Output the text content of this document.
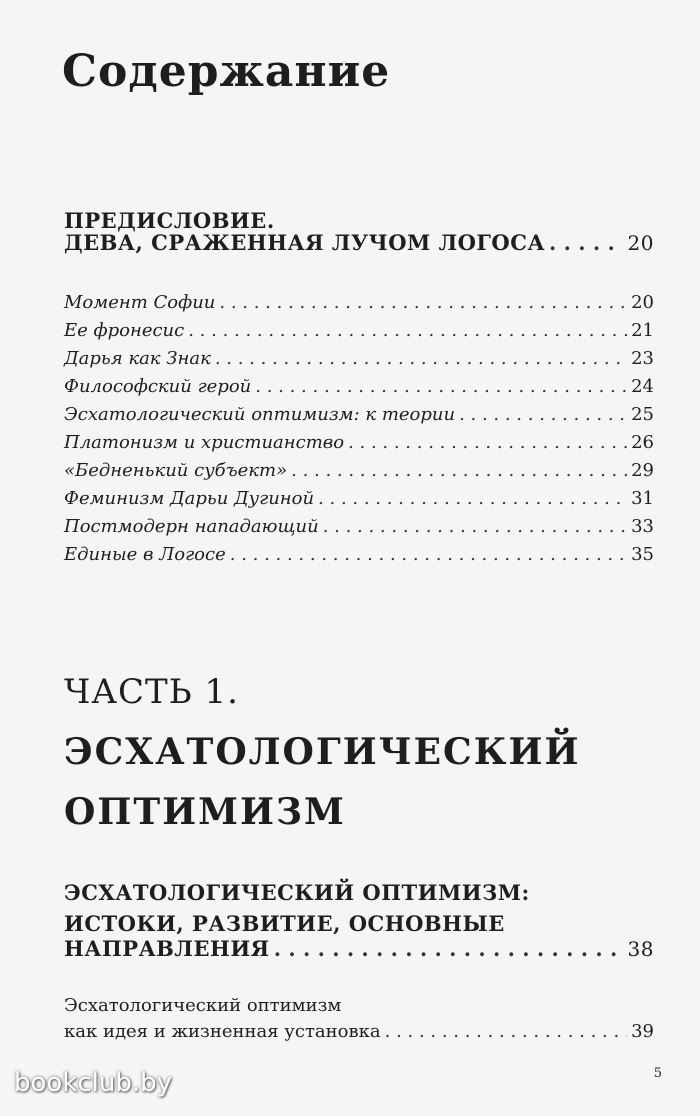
Содержание
ПРЕДИСЛОВИЕ.
ДЕВА, СРАЖЕННАЯ ЛУЧОМ ЛОГОСА . . .	20
Момент Софии . . .	20
Ее фронесис . . .	21
Дарья как Знак . . .	23
Философский герой . . .	24
Эсхатологический оптимизм: к теории . . .	25
Платонизм и христианство . . .	26
«Бедненький субъект» . . .	29
Феминизм Дарьи Дугиной . . .	31
Постмодерн нападающий . . .	33
Единые в Логосе . . .	35
ЧАСТЬ 1.
ЭСХАТОЛОГИЧЕСКИЙ
ОПТИМИЗМ
ЭСХАТОЛОГИЧЕСКИЙ ОПТИМИЗМ:
ИСТОКИ, РАЗВИТИЕ, ОСНОВНЫЕ
НАПРАВЛЕНИЯ . . .	38
Эсхатологический оптимизм
как идея и жизненная установка . . .	39
5
bookclub.by
